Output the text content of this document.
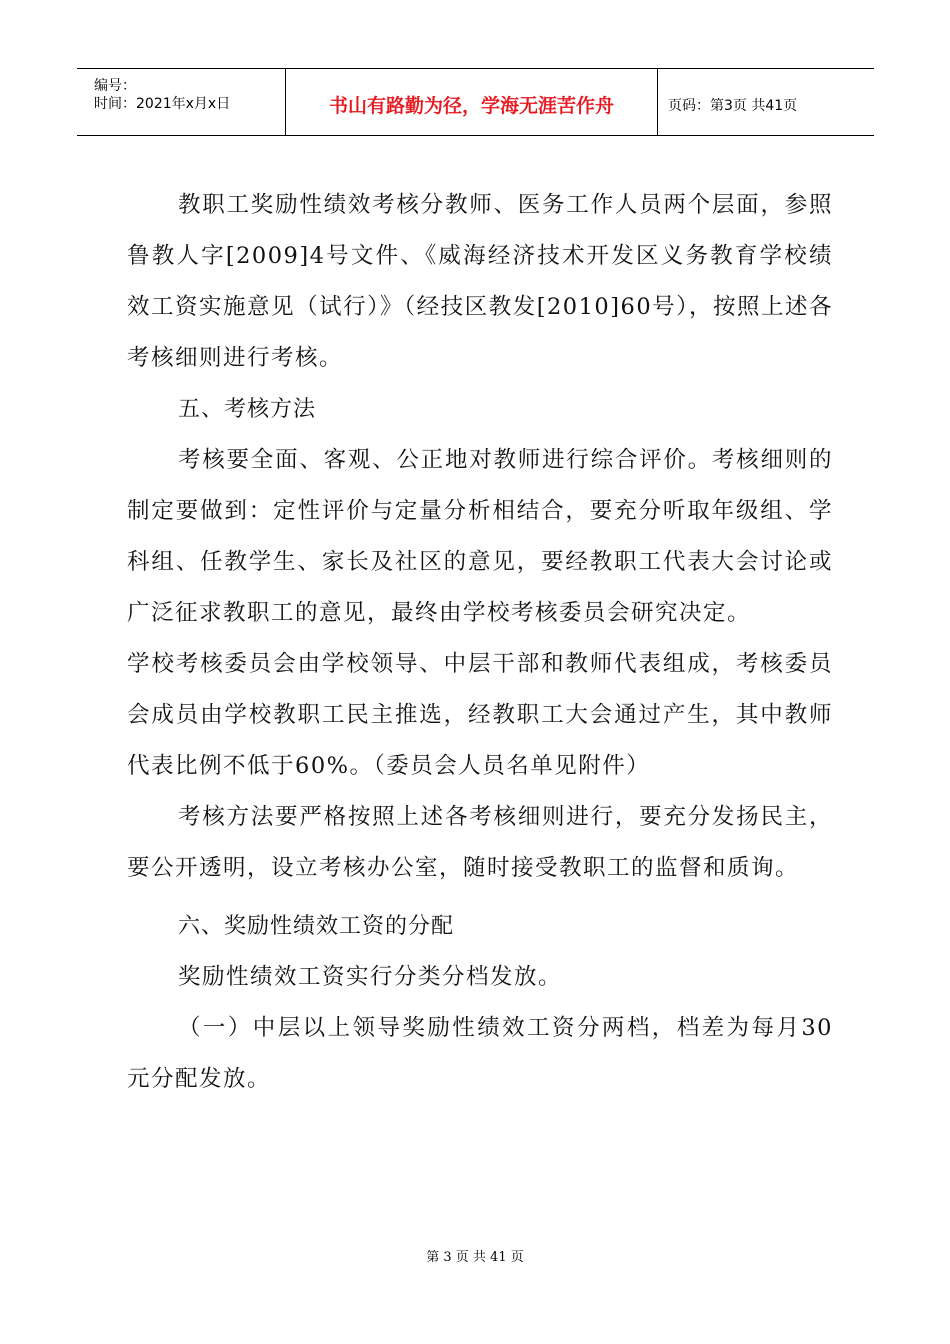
编号：
时间：2021年x月x日	书山有路勤为径，学海无涯苦作舟	页码：第3页 共41页

教职工奖励性绩效考核分教师、医务工作人员两个层面，参照鲁教人字[2009]4号文件、《威海经济技术开发区义务教育学校绩效工资实施意见（试行）》（经技区教发[2010]60号），按照上述各考核细则进行考核。

五、考核方法

考核要全面、客观、公正地对教师进行综合评价。考核细则的制定要做到：定性评价与定量分析相结合，要充分听取年级组、学科组、任教学生、家长及社区的意见，要经教职工代表大会讨论或广泛征求教职工的意见，最终由学校考核委员会研究决定。

学校考核委员会由学校领导、中层干部和教师代表组成，考核委员会成员由学校教职工民主推选，经教职工大会通过产生，其中教师代表比例不低于60%。（委员会人员名单见附件）

考核方法要严格按照上述各考核细则进行，要充分发扬民主，要公开透明，设立考核办公室，随时接受教职工的监督和质询。

六、奖励性绩效工资的分配

奖励性绩效工资实行分类分档发放。

（一）中层以上领导奖励性绩效工资分两档，档差为每月30元分配发放。

第 3 页 共 41 页
